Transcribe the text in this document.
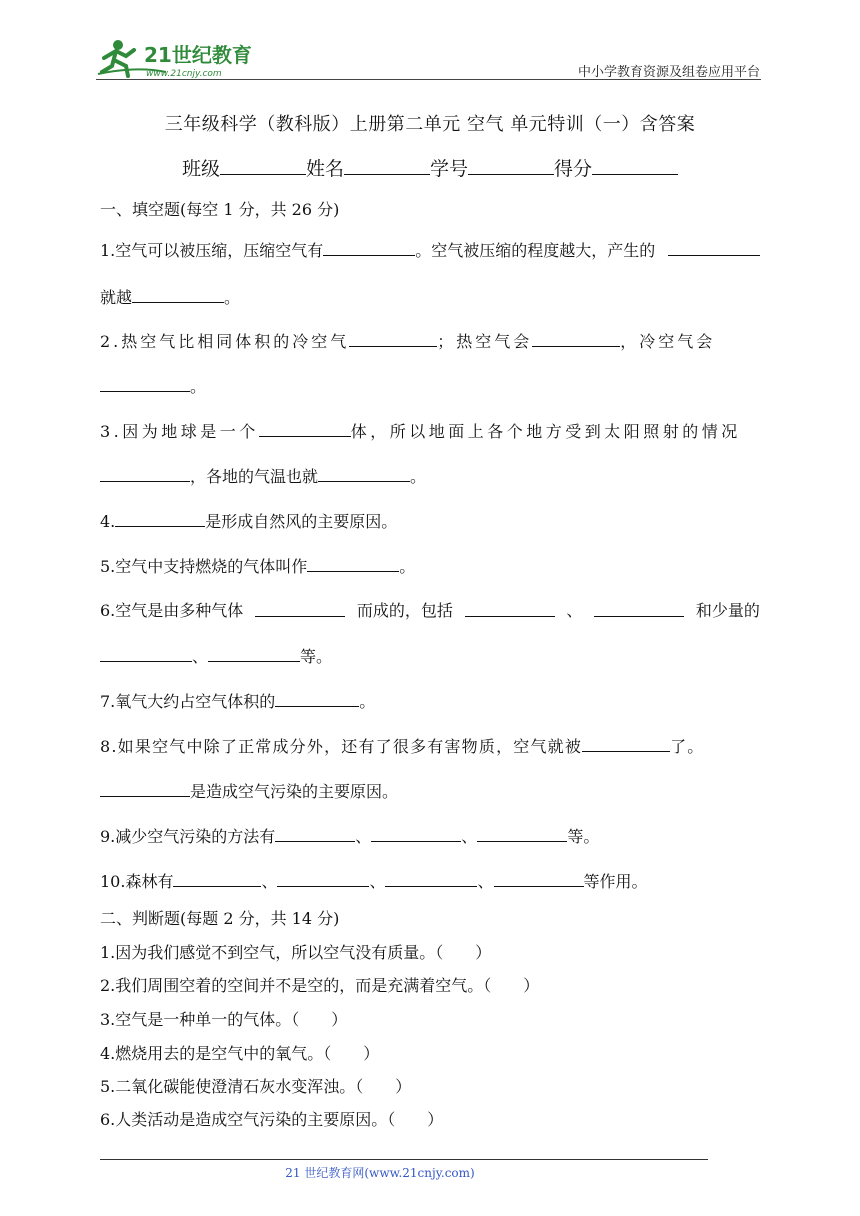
21世纪教育
www.21cnjy.com	中小学教育资源及组卷应用平台
三年级科学（教科版）上册第二单元 空气 单元特训（一）含答案
班级	姓名	学号	得分
一、填空题(每空 1 分，共 26 分)
1.空气可以被压缩，压缩空气有	。空气被压缩的程度越大，产生的
就越	。
2.热空气比相同体积的冷空气	；热空气会	，冷空气会
。
3.因为地球是一个	体，所以地面上各个地方受到太阳照射的情况
，各地的气温也就	。
4.	是形成自然风的主要原因。
5.空气中支持燃烧的气体叫作	。
6.空气是由多种气体	而成的，包括	、	和少量的
、	等。
7.氧气大约占空气体积的	。
8.如果空气中除了正常成分外，还有了很多有害物质，空气就被	了。
是造成空气污染的主要原因。
9.减少空气污染的方法有	、	、	等。
10.森林有	、	、	、	等作用。
二、判断题(每题 2 分，共 14 分)
1.因为我们感觉不到空气，所以空气没有质量。（　　）
2.我们周围空着的空间并不是空的，而是充满着空气。（　　）
3.空气是一种单一的气体。（　　）
4.燃烧用去的是空气中的氧气。（　　）
5.二氧化碳能使澄清石灰水变浑浊。（　　）
6.人类活动是造成空气污染的主要原因。（　　）
21 世纪教育网(www.21cnjy.com)
